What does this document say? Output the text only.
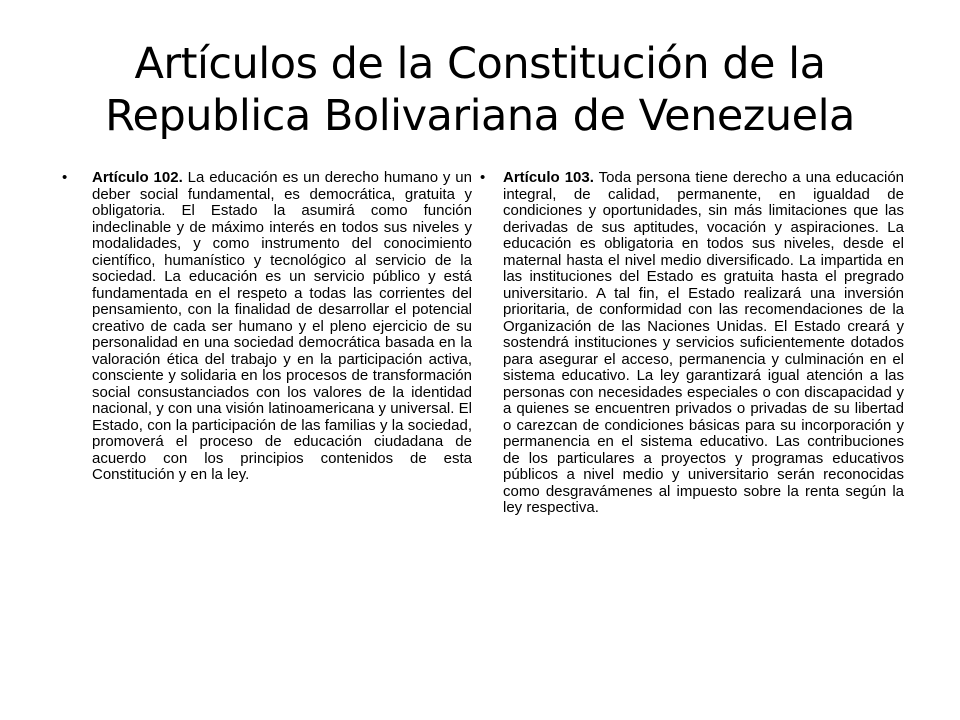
Artículos de la Constitución de la Republica Bolivariana de Venezuela
• Artículo 102. La educación es un derecho humano y un deber social fundamental, es democrática, gratuita y obligatoria. El Estado la asumirá como función indeclinable y de máximo interés en todos sus niveles y modalidades, y como instrumento del conocimiento científico, humanístico y tecnológico al servicio de la sociedad. La educación es un servicio público y está fundamentada en el respeto a todas las corrientes del pensamiento, con la finalidad de desarrollar el potencial creativo de cada ser humano y el pleno ejercicio de su personalidad en una sociedad democrática basada en la valoración ética del trabajo y en la participación activa, consciente y solidaria en los procesos de transformación social consustanciados con los valores de la identidad nacional, y con una visión latinoamericana y universal. El Estado, con la participación de las familias y la sociedad, promoverá el proceso de educación ciudadana de acuerdo con los principios contenidos de esta Constitución y en la ley.
• Artículo 103. Toda persona tiene derecho a una educación integral, de calidad, permanente, en igualdad de condiciones y oportunidades, sin más limitaciones que las derivadas de sus aptitudes, vocación y aspiraciones. La educación es obligatoria en todos sus niveles, desde el maternal hasta el nivel medio diversificado. La impartida en las instituciones del Estado es gratuita hasta el pregrado universitario. A tal fin, el Estado realizará una inversión prioritaria, de conformidad con las recomendaciones de la Organización de las Naciones Unidas. El Estado creará y sostendrá instituciones y servicios suficientemente dotados para asegurar el acceso, permanencia y culminación en el sistema educativo. La ley garantizará igual atención a las personas con necesidades especiales o con discapacidad y a quienes se encuentren privados o privadas de su libertad o carezcan de condiciones básicas para su incorporación y permanencia en el sistema educativo. Las contribuciones de los particulares a proyectos y programas educativos públicos a nivel medio y universitario serán reconocidas como desgravámenes al impuesto sobre la renta según la ley respectiva.
